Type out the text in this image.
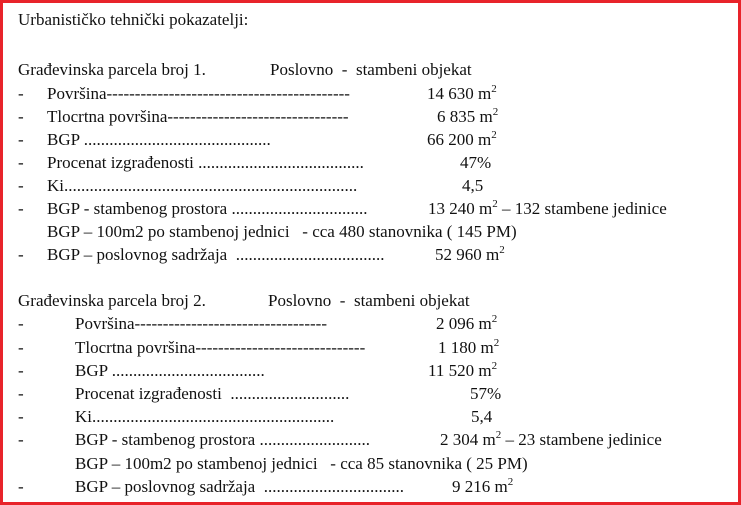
Urbanističko tehnički pokazatelji:
Građevinska parcela broj 1.	Poslovno  -  stambeni objekat
- Površina-------------------------------------------	14 630 $m^2$
- Tlocrtna površina--------------------------------	6 835 $m^2$
- BGP ............................................	66 200 $m^2$
- Procenat izgrađenosti .......................................	47%
- Ki.....................................................................	4,5
- BGP - stambenog prostora ................................	13 240 $m^2 - 132$ stambene jedinice
BGP – 100m2 po stambenoj jednici   - cca 480 stanovnika ( 145 PM)
- BGP – poslovnog sadržaja ...................................	52 960 $m^2$
Građevinska parcela broj 2.	Poslovno  -  stambeni objekat
-	Površina----------------------------------	2 096 $m^2$
-	Tlocrtna površina------------------------------	1 180 $m^2$
-	BGP ....................................	11 520 $m^2$
-	Procenat izgrađenosti ............................	57%
-	Ki.........................................................	5,4
-	BGP - stambenog prostora ..........................	2 304 $m^2 - 23$ stambene jedinice
BGP – 100m2 po stambenoj jednici   - cca 85 stanovnika ( 25 PM)
-	BGP – poslovnog sadržaja .................................	9 216 $m^2$
